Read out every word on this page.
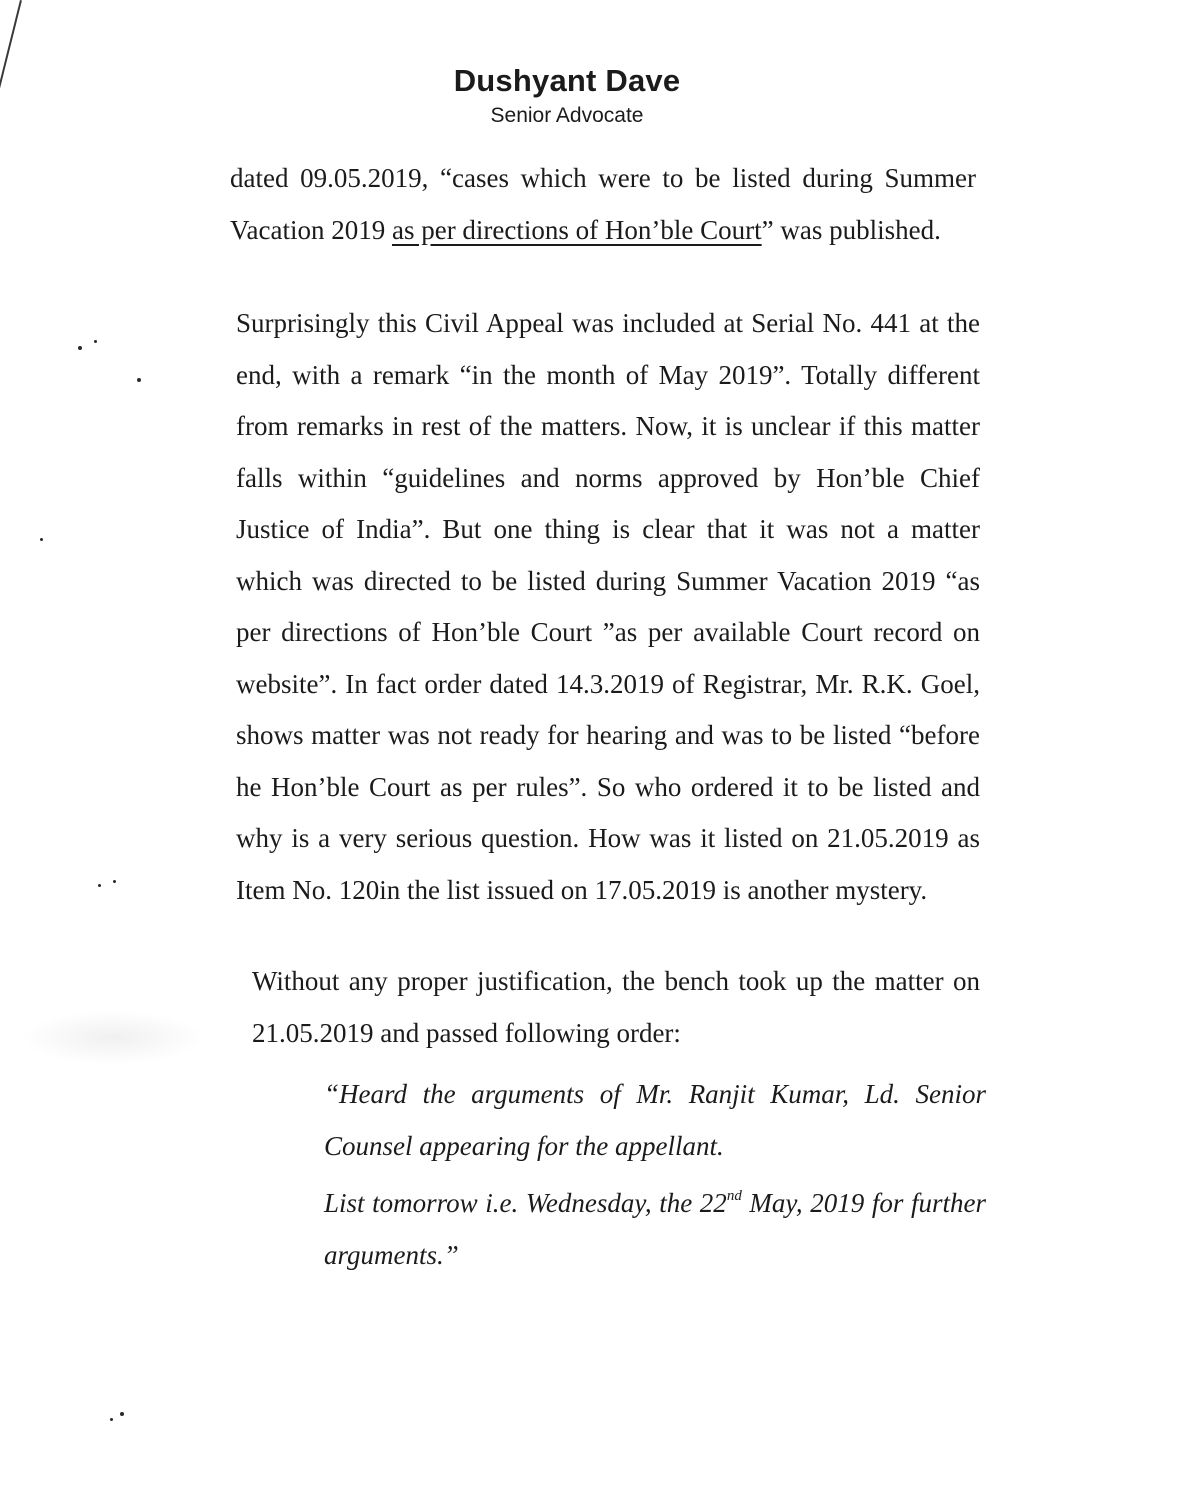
Dushyant Dave
Senior Advocate

dated 09.05.2019, “cases which were to be listed during Summer Vacation 2019 as per directions of Hon’ble Court” was published.

Surprisingly this Civil Appeal was included at Serial No. 441 at the end, with a remark “in the month of May 2019”. Totally different from remarks in rest of the matters. Now, it is unclear if this matter falls within “guidelines and norms approved by Hon’ble Chief Justice of India”. But one thing is clear that it was not a matter which was directed to be listed during Summer Vacation 2019 “as per directions of Hon’ble Court ”as per available Court record on website”. In fact order dated 14.3.2019 of Registrar, Mr. R.K. Goel, shows matter was not ready for hearing and was to be listed “before he Hon’ble Court as per rules”. So who ordered it to be listed and why is a very serious question. How was it listed on 21.05.2019 as Item No. 120in the list issued on 17.05.2019 is another mystery.

Without any proper justification, the bench took up the matter on 21.05.2019 and passed following order:

“Heard the arguments of Mr. Ranjit Kumar, Ld. Senior Counsel appearing for the appellant.
List tomorrow i.e. Wednesday, the 22nd May, 2019 for further arguments.”
